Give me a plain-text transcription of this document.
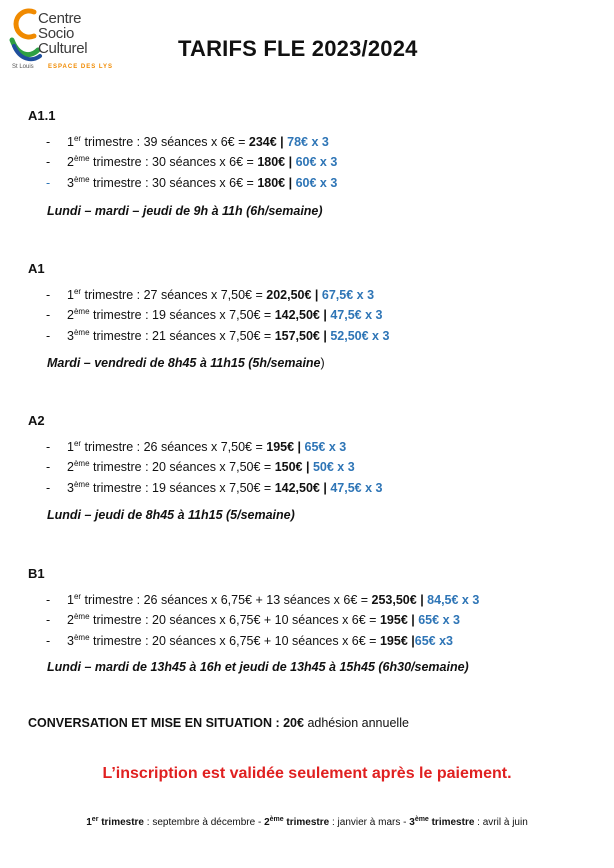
Centre
Socio
Culturel
St Louis ESPACE DES LYS
TARIFS FLE 2023/2024
A1.1
- 1er trimestre : 39 séances x 6€ = 234€ | 78€ x 3
- 2ème trimestre : 30 séances x 6€ = 180€ | 60€ x 3
- 3ème trimestre : 30 séances x 6€ = 180€ | 60€ x 3
Lundi – mardi – jeudi de 9h à 11h (6h/semaine)
A1
- 1er trimestre : 27 séances x 7,50€ = 202,50€ | 67,5€ x 3
- 2ème trimestre : 19 séances x 7,50€ = 142,50€ | 47,5€ x 3
- 3ème trimestre : 21 séances x 7,50€ = 157,50€ | 52,50€ x 3
Mardi – vendredi de 8h45 à 11h15 (5h/semaine)
A2
- 1er trimestre : 26 séances x 7,50€ = 195€ | 65€ x 3
- 2ème trimestre : 20 séances x 7,50€ = 150€ | 50€ x 3
- 3ème trimestre : 19 séances x 7,50€ = 142,50€ | 47,5€ x 3
Lundi – jeudi de 8h45 à 11h15 (5/semaine)
B1
- 1er trimestre : 26 séances x 6,75€ + 13 séances x 6€ = 253,50€ | 84,5€ x 3
- 2ème trimestre : 20 séances x 6,75€ + 10 séances x 6€ = 195€ | 65€ x 3
- 3ème trimestre : 20 séances x 6,75€ + 10 séances x 6€ = 195€ |65€ x3
Lundi – mardi de 13h45 à 16h et jeudi de 13h45 à 15h45 (6h30/semaine)
CONVERSATION ET MISE EN SITUATION : 20€ adhésion annuelle
L’inscription est validée seulement après le paiement.
1er trimestre : septembre à décembre - 2ème trimestre : janvier à mars - 3ème trimestre : avril à juin
